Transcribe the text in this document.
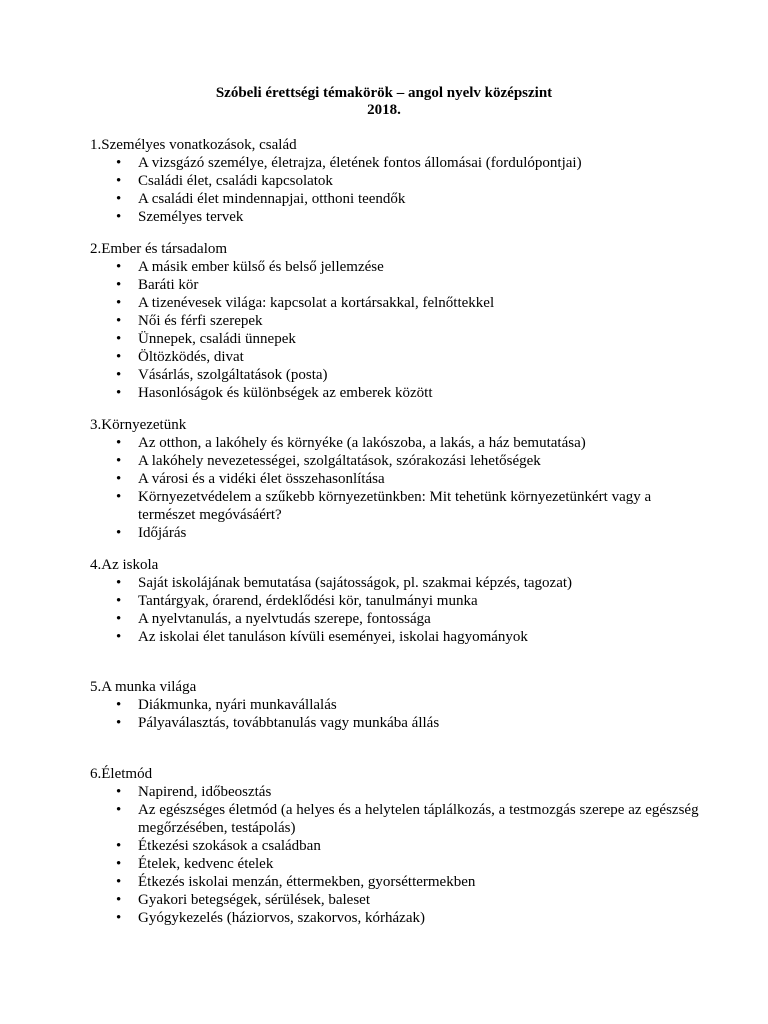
Szóbeli érettségi témakörök – angol nyelv középszint
2018.
1.Személyes vonatkozások, család
• A vizsgázó személye, életrajza, életének fontos állomásai (fordulópontjai)
• Családi élet, családi kapcsolatok
• A családi élet mindennapjai, otthoni teendők
• Személyes tervek
2.Ember és társadalom
• A másik ember külső és belső jellemzése
• Baráti kör
• A tizenévesek világa: kapcsolat a kortársakkal, felnőttekkel
• Női és férfi szerepek
• Ünnepek, családi ünnepek
• Öltözködés, divat
• Vásárlás, szolgáltatások (posta)
• Hasonlóságok és különbségek az emberek között
3.Környezetünk
• Az otthon, a lakóhely és környéke (a lakószoba, a lakás, a ház bemutatása)
• A lakóhely nevezetességei, szolgáltatások, szórakozási lehetőségek
• A városi és a vidéki élet összehasonlítása
• Környezetvédelem a szűkebb környezetünkben: Mit tehetünk környezetünkért vagy a természet megóvásáért?
• Időjárás
4.Az iskola
• Saját iskolájának bemutatása (sajátosságok, pl. szakmai képzés, tagozat)
• Tantárgyak, órarend, érdeklődési kör, tanulmányi munka
• A nyelvtanulás, a nyelvtudás szerepe, fontossága
• Az iskolai élet tanuláson kívüli eseményei, iskolai hagyományok
5.A munka világa
• Diákmunka, nyári munkavállalás
• Pályaválasztás, továbbtanulás vagy munkába állás
6.Életmód
• Napirend, időbeosztás
• Az egészséges életmód (a helyes és a helytelen táplálkozás, a testmozgás szerepe az egészség megőrzésében, testápolás)
• Étkezési szokások a családban
• Ételek, kedvenc ételek
• Étkezés iskolai menzán, éttermekben, gyorséttermekben
• Gyakori betegségek, sérülések, baleset
• Gyógykezelés (háziorvos, szakorvos, kórházak)
